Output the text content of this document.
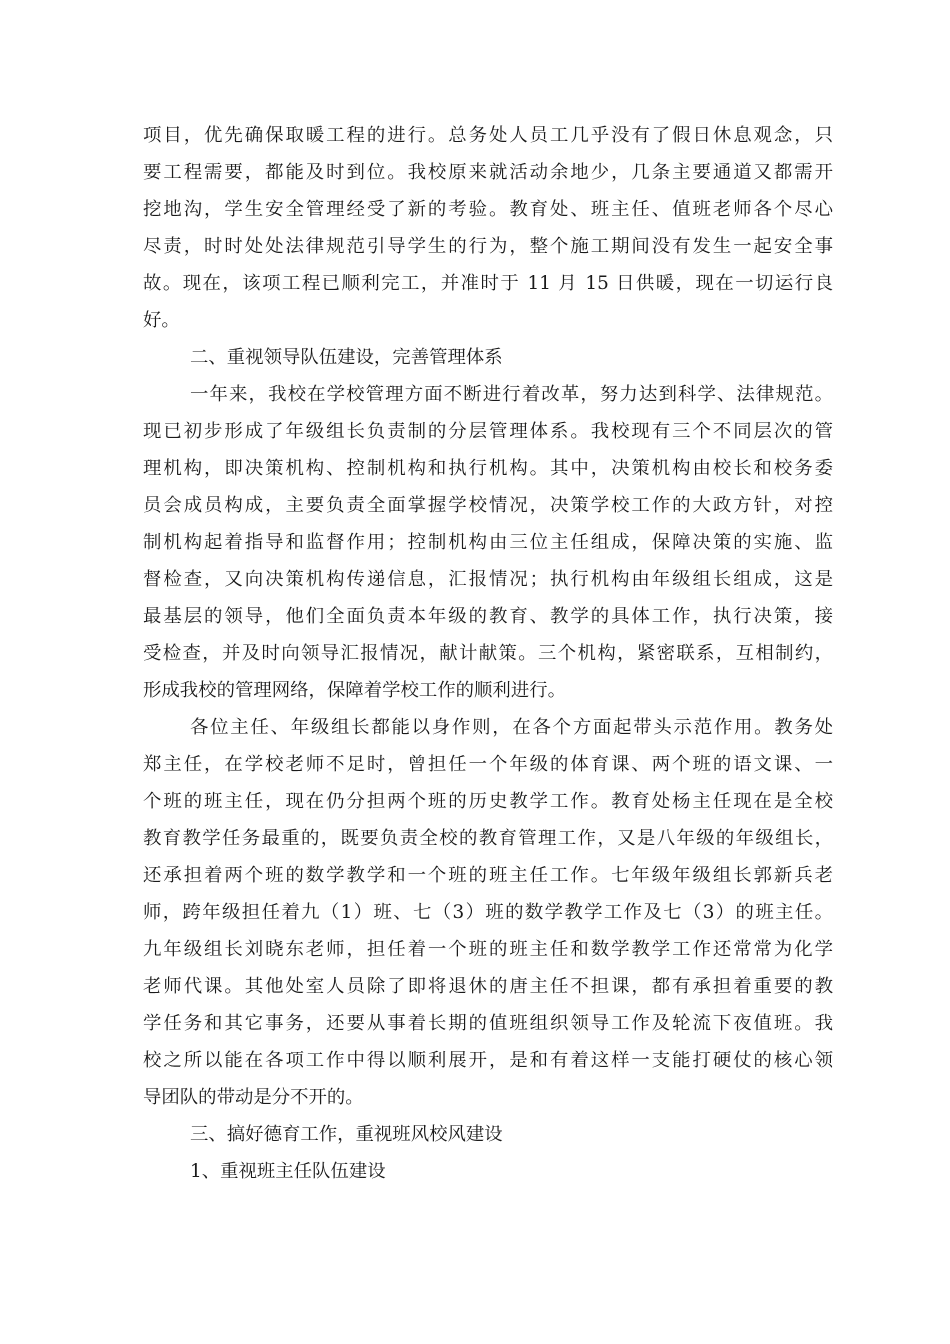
项目，优先确保取暖工程的进行。总务处人员工几乎没有了假日休息观念，只
要工程需要，都能及时到位。我校原来就活动余地少，几条主要通道又都需开
挖地沟，学生安全管理经受了新的考验。教育处、班主任、值班老师各个尽心
尽责，时时处处法律规范引导学生的行为，整个施工期间没有发生一起安全事
故。现在，该项工程已顺利完工，并准时于 11 月 15 日供暖，现在一切运行良
好。
二、重视领导队伍建设，完善管理体系
一年来，我校在学校管理方面不断进行着改革，努力达到科学、法律规范。
现已初步形成了年级组长负责制的分层管理体系。我校现有三个不同层次的管
理机构，即决策机构、控制机构和执行机构。其中，决策机构由校长和校务委
员会成员构成，主要负责全面掌握学校情况，决策学校工作的大政方针，对控
制机构起着指导和监督作用；控制机构由三位主任组成，保障决策的实施、监
督检查，又向决策机构传递信息，汇报情况；执行机构由年级组长组成，这是
最基层的领导，他们全面负责本年级的教育、教学的具体工作，执行决策，接
受检查，并及时向领导汇报情况，献计献策。三个机构，紧密联系，互相制约，
形成我校的管理网络，保障着学校工作的顺利进行。
各位主任、年级组长都能以身作则，在各个方面起带头示范作用。教务处
郑主任，在学校老师不足时，曾担任一个年级的体育课、两个班的语文课、一
个班的班主任，现在仍分担两个班的历史教学工作。教育处杨主任现在是全校
教育教学任务最重的，既要负责全校的教育管理工作，又是八年级的年级组长，
还承担着两个班的数学教学和一个班的班主任工作。七年级年级组长郭新兵老
师，跨年级担任着九（1）班、七（3）班的数学教学工作及七（3）的班主任。
九年级组长刘晓东老师，担任着一个班的班主任和数学教学工作还常常为化学
老师代课。其他处室人员除了即将退休的唐主任不担课，都有承担着重要的教
学任务和其它事务，还要从事着长期的值班组织领导工作及轮流下夜值班。我
校之所以能在各项工作中得以顺利展开，是和有着这样一支能打硬仗的核心领
导团队的带动是分不开的。
三、搞好德育工作，重视班风校风建设
1、重视班主任队伍建设
